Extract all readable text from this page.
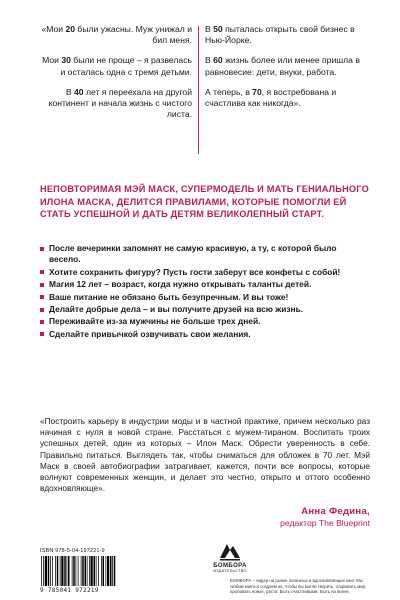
«Мои 20 были ужасны. Муж унижал и бил меня.

Мои 30 были не проще – я развелась и осталась одна с тремя детьми.

В 40 лет я переехала на другой континент и начала жизнь с чистого листа.

В 50 пыталась открыть свой бизнес в Нью-Йорке.

В 60 жизнь более или менее пришла в равновесие: дети, внуки, работа.

А теперь, в 70, я востребована и счастлива как никогда».

НЕПОВТОРИМАЯ МЭЙ МАСК, СУПЕРМОДЕЛЬ И МАТЬ ГЕНИАЛЬНОГО ИЛОНА МАСКА, ДЕЛИТСЯ ПРАВИЛАМИ, КОТОРЫЕ ПОМОГЛИ ЕЙ СТАТЬ УСПЕШНОЙ И ДАТЬ ДЕТЯМ ВЕЛИКОЛЕПНЫЙ СТАРТ.

После вечеринки запомнят не самую красивую, а ту, с которой было весело.
Хотите сохранить фигуру? Пусть гости заберут все конфеты с собой!
Магия 12 лет – возраст, когда нужно открывать таланты детей.
Ваше питание не обязано быть безупречным. И вы тоже!
Делайте добрые дела – и вы получите друзей на всю жизнь.
Переживайте из-за мужчины не больше трех дней.
Сделайте привычкой озвучивать свои желания.

«Построить карьеру в индустрии моды и в частной практике, причем несколько раз начиная с нуля в новой стране. Расстаться с мужем-тираном. Воспитать троих успешных детей, один из которых – Илон Маск. Обрести уверенность в себе. Правильно питаться. Выглядеть так, чтобы сниматься для обложек в 70 лет. Мэй Маск в своей автобиографии затрагивает, кажется, почти все вопросы, которые волнуют современных женщин, и делает это честно, открыто и оттого особенно вдохновляюще».

Анна Федина,
редактор The Blueprint
ISBN 978-5-04-197221-9
9 785041 972219
БОМБОРА
ИЗДАТЕЛЬСТВО

БОМБОРА – лидер на рынке полезных и вдохновляющих книг. Мы любим книги и создаем их, чтобы вы могли творить, открывать мир, пробовать новое, расти. Быть счастливыми. Быть на волне.
